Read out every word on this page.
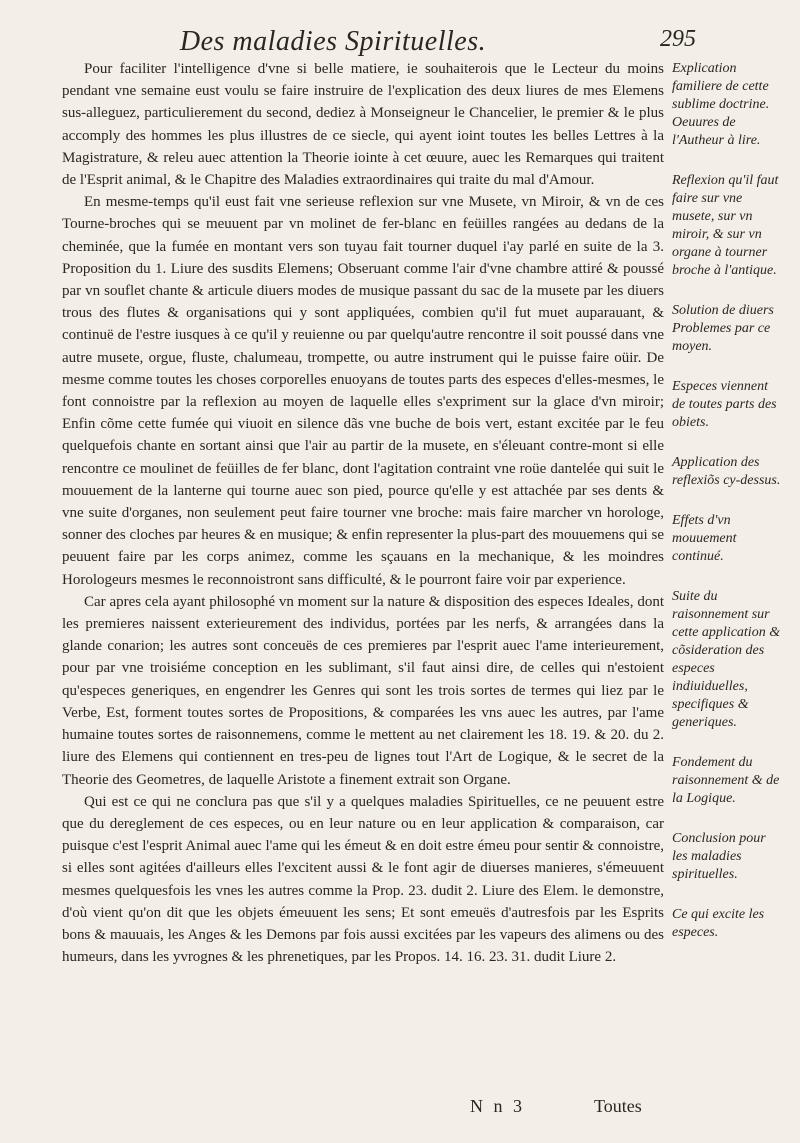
Des maladies Spirituelles.	295

Pour faciliter l'intelligence d'vne si belle matiere, ie souhaiterois que le Lecteur du moins pendant vne semaine eust voulu se faire instruire de l'explication des deux liures de mes Elemens sus-alleguez, particulierement du second, dediez à Monseigneur le Chancelier, le premier & le plus accomply des hommes les plus illustres de ce siecle, qui ayent ioint toutes les belles Lettres à la Magistrature, & releu auec attention la Theorie iointe à cet œuure, auec les Remarques qui traitent de l'Esprit animal, & le Chapitre des Maladies extraordinaires qui traite du mal d'Amour.

En mesme-temps qu'il eust fait vne serieuse reflexion sur vne Musete, vn Miroir, & vn de ces Tourne-broches qui se meuuent par vn molinet de fer-blanc en feüilles rangées au dedans de la cheminée, que la fumée en montant vers son tuyau fait tourner duquel i'ay parlé en suite de la 3. Proposition du 1. Liure des susdits Elemens; Obseruant comme l'air d'vne chambre attiré & poussé par vn souflet chante & articule diuers modes de musique passant du sac de la musete par les diuers trous des flutes & organisations qui y sont appliquées, combien qu'il fut muet auparauant, & continuë de l'estre iusques à ce qu'il y reuienne ou par quelqu'autre rencontre il soit poussé dans vne autre musete, orgue, fluste, chalumeau, trompette, ou autre instrument qui le puisse faire oüir. De mesme comme toutes les choses corporelles enuoyans de toutes parts des especes d'elles-mesmes, le font connoistre par la reflexion au moyen de laquelle elles s'expriment sur la glace d'vn miroir; Enfin cõme cette fumée qui viuoit en silence dãs vne buche de bois vert, estant excitée par le feu quelquefois chante en sortant ainsi que l'air au partir de la musete, en s'éleuant contre-mont si elle rencontre ce moulinet de feüilles de fer blanc, dont l'agitation contraint vne roüe dantelée qui suit le mouuement de la lanterne qui tourne auec son pied, pource qu'elle y est attachée par ses dents & vne suite d'organes, non seulement peut faire tourner vne broche: mais faire marcher vn horologe, sonner des cloches par heures & en musique; & enfin representer la plus-part des mouuemens qui se peuuent faire par les corps animez, comme les sçauans en la mechanique, & les moindres Horologeurs mesmes le reconnoistront sans difficulté, & le pourront faire voir par experience.

Car apres cela ayant philosophé vn moment sur la nature & disposition des especes Ideales, dont les premieres naissent exterieurement des individus, portées par les nerfs, & arrangées dans la glande conarion; les autres sont conceuës de ces premieres par l'esprit auec l'ame interieurement, pour par vne troisiéme conception en les sublimant, s'il faut ainsi dire, de celles qui n'estoient qu'especes generiques, en engendrer les Genres qui sont les trois sortes de termes qui liez par le Verbe, Est, forment toutes sortes de Propositions, & comparées les vns auec les autres, par l'ame humaine toutes sortes de raisonnemens, comme le mettent au net clairement les 18. 19. & 20. du 2. liure des Elemens qui contiennent en tres-peu de lignes tout l'Art de Logique, & le secret de la Theorie des Geometres, de laquelle Aristote a finement extrait son Organe.

Qui est ce qui ne conclura pas que s'il y a quelques maladies Spirituelles, ce ne peuuent estre que du dereglement de ces especes, ou en leur nature ou en leur application & comparaison, car puisque c'est l'esprit Animal auec l'ame qui les émeut & en doit estre émeu pour sentir & connoistre, si elles sont agitées d'ailleurs elles l'excitent aussi & le font agir de diuerses manieres, s'émeuuent mesmes quelquesfois les vnes les autres comme la Prop. 23. dudit 2. Liure des Elem. le demonstre, d'où vient qu'on dit que les objets émeuuent les sens; Et sont emeuës d'autresfois par les Esprits bons & mauuais, les Anges & les Demons par fois aussi excitées par les vapeurs des alimens ou des humeurs, dans les yvrognes & les phrenetiques, par les Propos. 14. 16. 23. 31. dudit Liure 2.

Explication familiere de cette sublime doctrine. Oeuures de l'Autheur à lire.

Reflexion qu'il faut faire sur vne musete, sur vn miroir, & sur vn organe à tourner broche à l'antique.

Solution de diuers Problemes par ce moyen.

Especes viennent de toutes parts des obiets.

Application des reflexiõs cy-dessus.

Effets d'vn mouuement continué.

Suite du raisonnement sur cette application & cõsideration des especes indiuiduelles, specifiques & generiques.

Fondement du raisonnement & de la Logique.

Conclusion pour les maladies spirituelles.

Ce qui excite les especes.

N n 3	Toutes
